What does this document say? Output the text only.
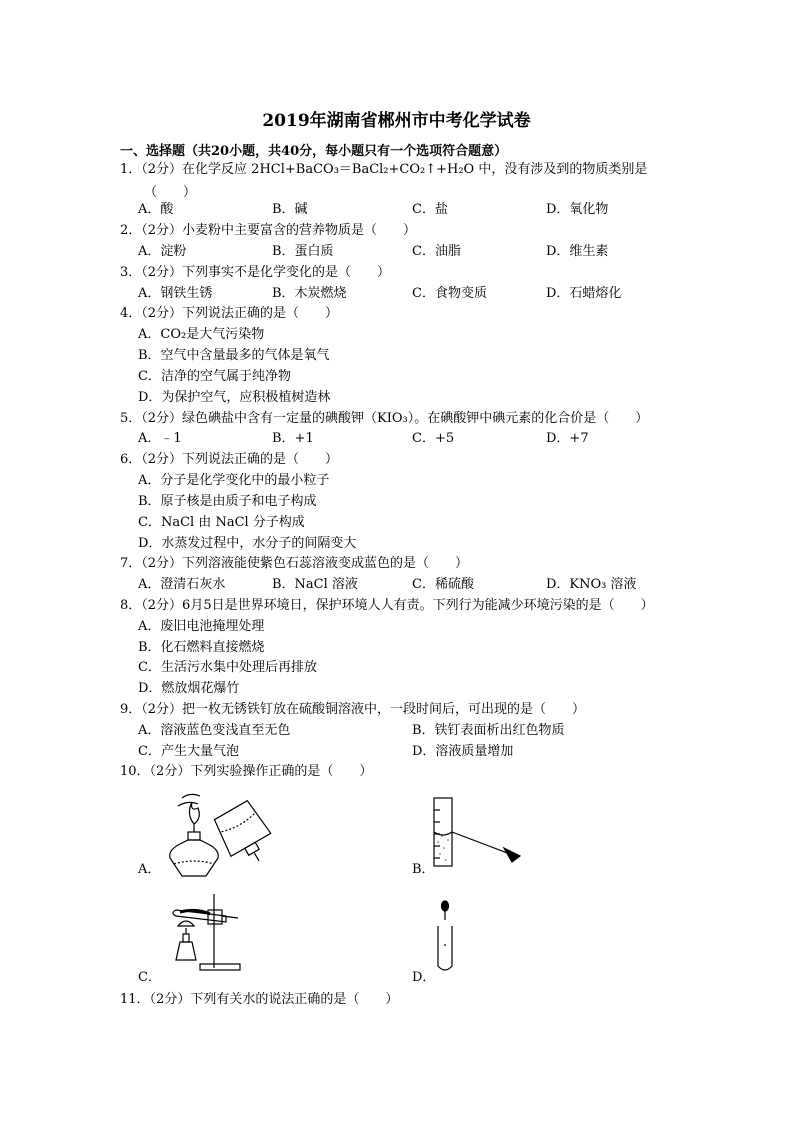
2019年湖南省郴州市中考化学试卷
一、选择题（共20小题，共40分，每小题只有一个选项符合题意）
1．（2分）在化学反应 2HCl+BaCO₃＝BaCl₂+CO₂↑+H₂O 中，没有涉及到的物质类别是
（　　）
A．酸	B．碱	C．盐	D．氧化物
2．（2分）小麦粉中主要富含的营养物质是（　　）
A．淀粉	B．蛋白质	C．油脂	D．维生素
3．（2分）下列事实不是化学变化的是（　　）
A．钢铁生锈	B．木炭燃烧	C．食物变质	D．石蜡熔化
4．（2分）下列说法正确的是（　　）
A．CO₂是大气污染物
B．空气中含量最多的气体是氧气
C．洁净的空气属于纯净物
D．为保护空气，应积极植树造林
5．（2分）绿色碘盐中含有一定量的碘酸钾（KIO₃）。在碘酸钾中碘元素的化合价是（　　）
A．﹣1	B．+1	C．+5	D．+7
6．（2分）下列说法正确的是（　　）
A．分子是化学变化中的最小粒子
B．原子核是由质子和电子构成
C．NaCl 由 NaCl 分子构成
D．水蒸发过程中，水分子的间隔变大
7．（2分）下列溶液能使紫色石蕊溶液变成蓝色的是（　　）
A．澄清石灰水	B．NaCl 溶液	C．稀硫酸	D．KNO₃ 溶液
8．（2分）6月5日是世界环境日，保护环境人人有责。下列行为能减少环境污染的是（　　）
A．废旧电池掩埋处理
B．化石燃料直接燃烧
C．生活污水集中处理后再排放
D．燃放烟花爆竹
9．（2分）把一枚无锈铁钉放在硫酸铜溶液中，一段时间后，可出现的是（　　）
A．溶液蓝色变浅直至无色	B．铁钉表面析出红色物质
C．产生大量气泡	D．溶液质量增加
10．（2分）下列实验操作正确的是（　　）
A．	B．
C．	D．
11．（2分）下列有关水的说法正确的是（　　）
